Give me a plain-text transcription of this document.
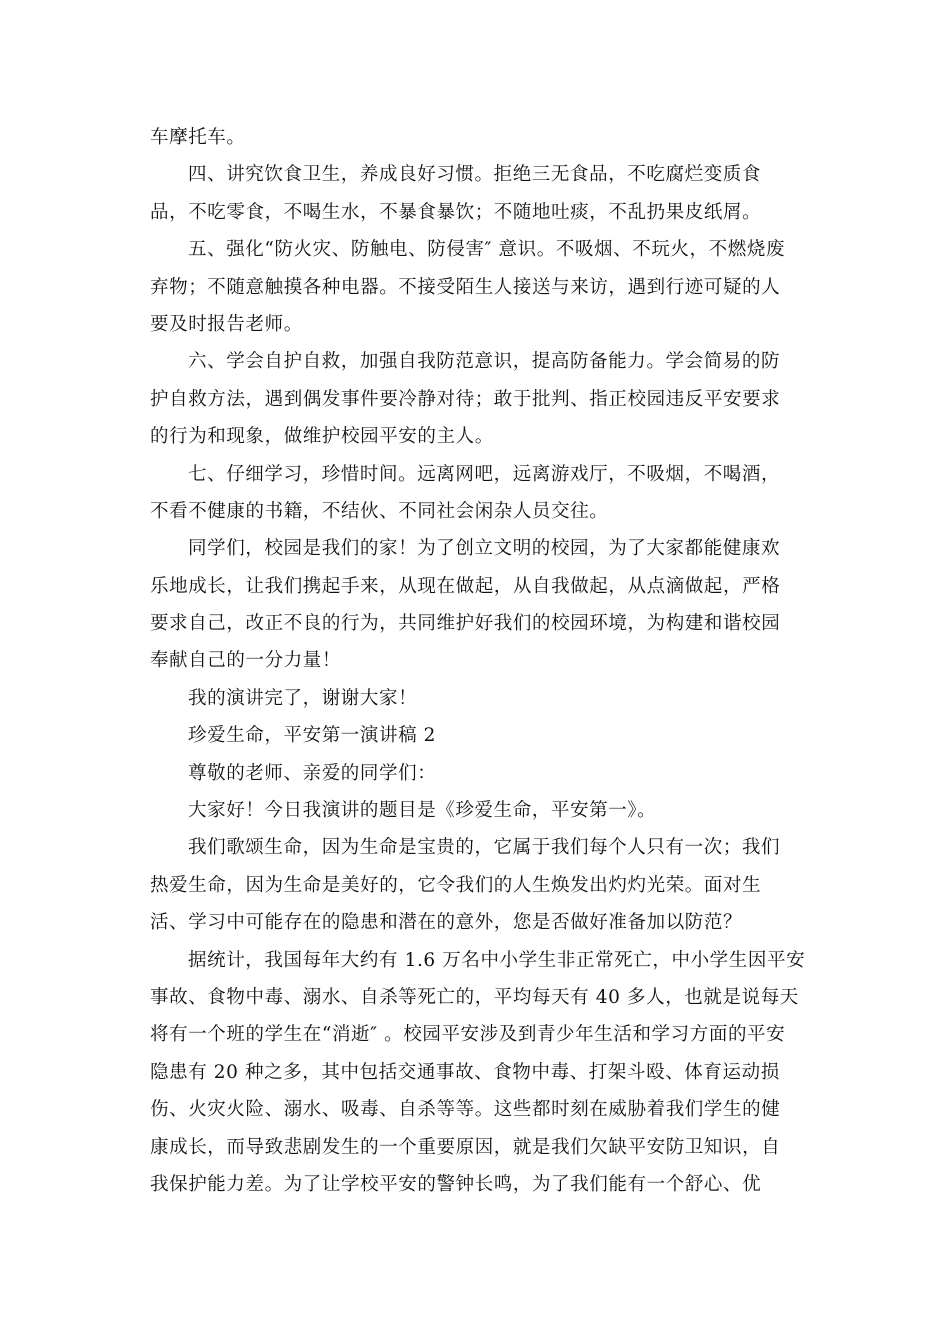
车摩托车。
四、讲究饮食卫生，养成良好习惯。拒绝三无食品，不吃腐烂变质食
品，不吃零食，不喝生水，不暴食暴饮；不随地吐痰，不乱扔果皮纸屑。
五、强化“防火灾、防触电、防侵害″ 意识。不吸烟、不玩火，不燃烧废
弃物；不随意触摸各种电器。不接受陌生人接送与来访，遇到行迹可疑的人
要及时报告老师。
六、学会自护自救，加强自我防范意识，提高防备能力。学会简易的防
护自救方法，遇到偶发事件要冷静对待；敢于批判、指正校园违反平安要求
的行为和现象，做维护校园平安的主人。
七、仔细学习，珍惜时间。远离网吧，远离游戏厅，不吸烟，不喝酒，
不看不健康的书籍，不结伙、不同社会闲杂人员交往。
同学们，校园是我们的家！为了创立文明的校园，为了大家都能健康欢
乐地成长，让我们携起手来，从现在做起，从自我做起，从点滴做起，严格
要求自己，改正不良的行为，共同维护好我们的校园环境，为构建和谐校园
奉献自己的一分力量！
我的演讲完了，谢谢大家！
珍爱生命，平安第一演讲稿 2
尊敬的老师、亲爱的同学们：
大家好！今日我演讲的题目是《珍爱生命，平安第一》。
我们歌颂生命，因为生命是宝贵的，它属于我们每个人只有一次；我们
热爱生命，因为生命是美好的，它令我们的人生焕发出灼灼光荣。面对生
活、学习中可能存在的隐患和潜在的意外，您是否做好准备加以防范？
据统计，我国每年大约有 1.6 万名中小学生非正常死亡，中小学生因平安
事故、食物中毒、溺水、自杀等死亡的，平均每天有 40 多人，也就是说每天
将有一个班的学生在“消逝″ 。校园平安涉及到青少年生活和学习方面的平安
隐患有 20 种之多，其中包括交通事故、食物中毒、打架斗殴、体育运动损
伤、火灾火险、溺水、吸毒、自杀等等。这些都时刻在威胁着我们学生的健
康成长，而导致悲剧发生的一个重要原因，就是我们欠缺平安防卫知识，自
我保护能力差。为了让学校平安的警钟长鸣，为了我们能有一个舒心、优
